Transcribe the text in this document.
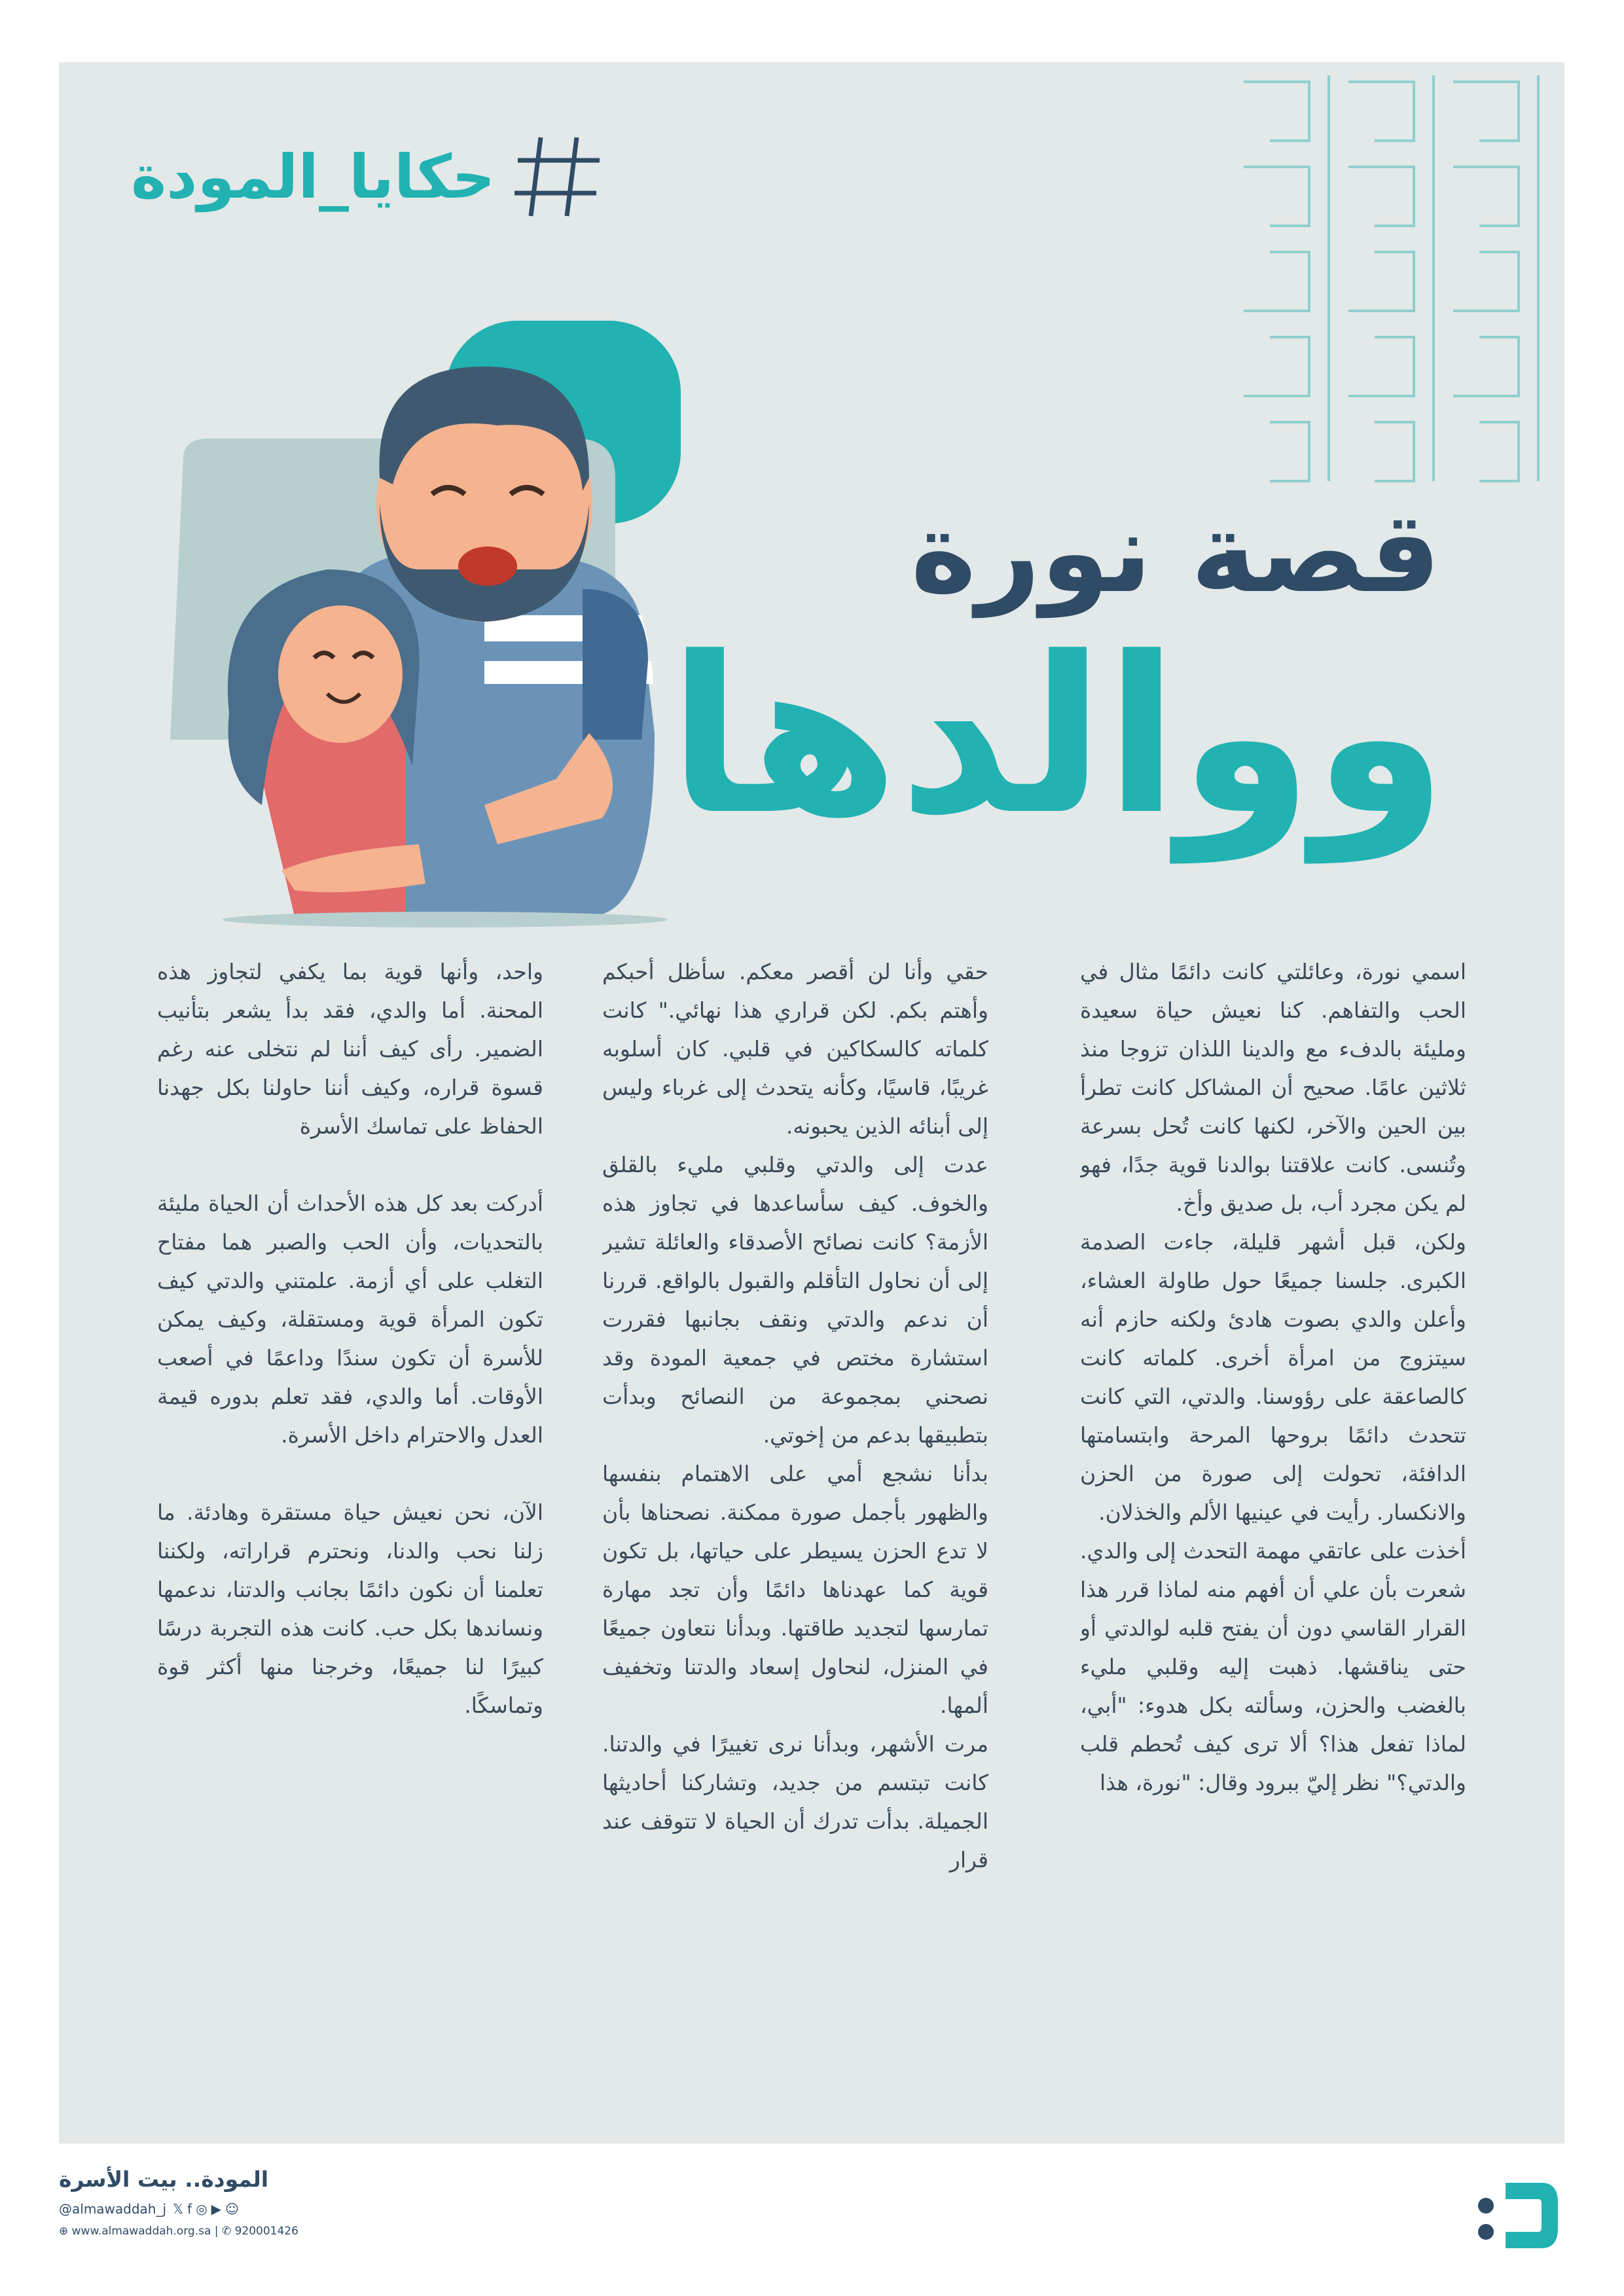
حكايا_المودة
قصة نورة
ووالدها

اسمي نورة، وعائلتي كانت دائمًا مثال في الحب والتفاهم. كنا نعيش حياة سعيدة ومليئة بالدفء مع والدينا اللذان تزوجا منذ ثلاثين عامًا. صحيح أن المشاكل كانت تطرأ بين الحين والآخر، لكنها كانت تُحل بسرعة وتُنسى. كانت علاقتنا بوالدنا قوية جدًا، فهو لم يكن مجرد أب، بل صديق وأخ.

ولكن، قبل أشهر قليلة، جاءت الصدمة الكبرى. جلسنا جميعًا حول طاولة العشاء، وأعلن والدي بصوت هادئ ولكنه حازم أنه سيتزوج من امرأة أخرى. كلماته كانت كالصاعقة على رؤوسنا. والدتي، التي كانت تتحدث دائمًا بروحها المرحة وابتسامتها الدافئة، تحولت إلى صورة من الحزن والانكسار. رأيت في عينيها الألم والخذلان.

أخذت على عاتقي مهمة التحدث إلى والدي. شعرت بأن علي أن أفهم منه لماذا قرر هذا القرار القاسي دون أن يفتح قلبه لوالدتي أو حتى يناقشها. ذهبت إليه وقلبي مليء بالغضب والحزن، وسألته بكل هدوء: "أبي، لماذا تفعل هذا؟ ألا ترى كيف تُحطم قلب والدتي؟" نظر إليّ ببرود وقال: "نورة، هذا

حقي وأنا لن أقصر معكم. سأظل أحبكم وأهتم بكم. لكن قراري هذا نهائي." كانت كلماته كالسكاكين في قلبي. كان أسلوبه غريبًا، قاسيًا، وكأنه يتحدث إلى غرباء وليس إلى أبنائه الذين يحبونه.

عدت إلى والدتي وقلبي مليء بالقلق والخوف. كيف سأساعدها في تجاوز هذه الأزمة؟ كانت نصائح الأصدقاء والعائلة تشير إلى أن نحاول التأقلم والقبول بالواقع. قررنا أن ندعم والدتي ونقف بجانبها فقررت استشارة مختص في جمعية المودة وقد نصحني بمجموعة من النصائح وبدأت بتطبيقها بدعم من إخوتي.

بدأنا نشجع أمي على الاهتمام بنفسها والظهور بأجمل صورة ممكنة. نصحناها بأن لا تدع الحزن يسيطر على حياتها، بل تكون قوية كما عهدناها دائمًا وأن تجد مهارة تمارسها لتجديد طاقتها. وبدأنا نتعاون جميعًا في المنزل، لنحاول إسعاد والدتنا وتخفيف ألمها.

مرت الأشهر، وبدأنا نرى تغييرًا في والدتنا. كانت تبتسم من جديد، وتشاركنا أحاديثها الجميلة. بدأت تدرك أن الحياة لا تتوقف عند قرار

واحد، وأنها قوية بما يكفي لتجاوز هذه المحنة. أما والدي، فقد بدأ يشعر بتأنيب الضمير. رأى كيف أننا لم نتخلى عنه رغم قسوة قراره، وكيف أننا حاولنا بكل جهدنا الحفاظ على تماسك الأسرة

أدركت بعد كل هذه الأحداث أن الحياة مليئة بالتحديات، وأن الحب والصبر هما مفتاح التغلب على أي أزمة. علمتني والدتي كيف تكون المرأة قوية ومستقلة، وكيف يمكن للأسرة أن تكون سندًا وداعمًا في أصعب الأوقات. أما والدي، فقد تعلم بدوره قيمة العدل والاحترام داخل الأسرة.

الآن، نحن نعيش حياة مستقرة وهادئة. ما زلنا نحب والدنا، ونحترم قراراته، ولكننا تعلمنا أن نكون دائمًا بجانب والدتنا، ندعمها ونساندها بكل حب. كانت هذه التجربة درسًا كبيرًا لنا جميعًا، وخرجنا منها أكثر قوة وتماسكًا.

المودة.. بيت الأسرة
@almawaddah_j 𝕏 f ◎ ▶ ☺
⊕ www.almawaddah.org.sa | ✆ 920001426
